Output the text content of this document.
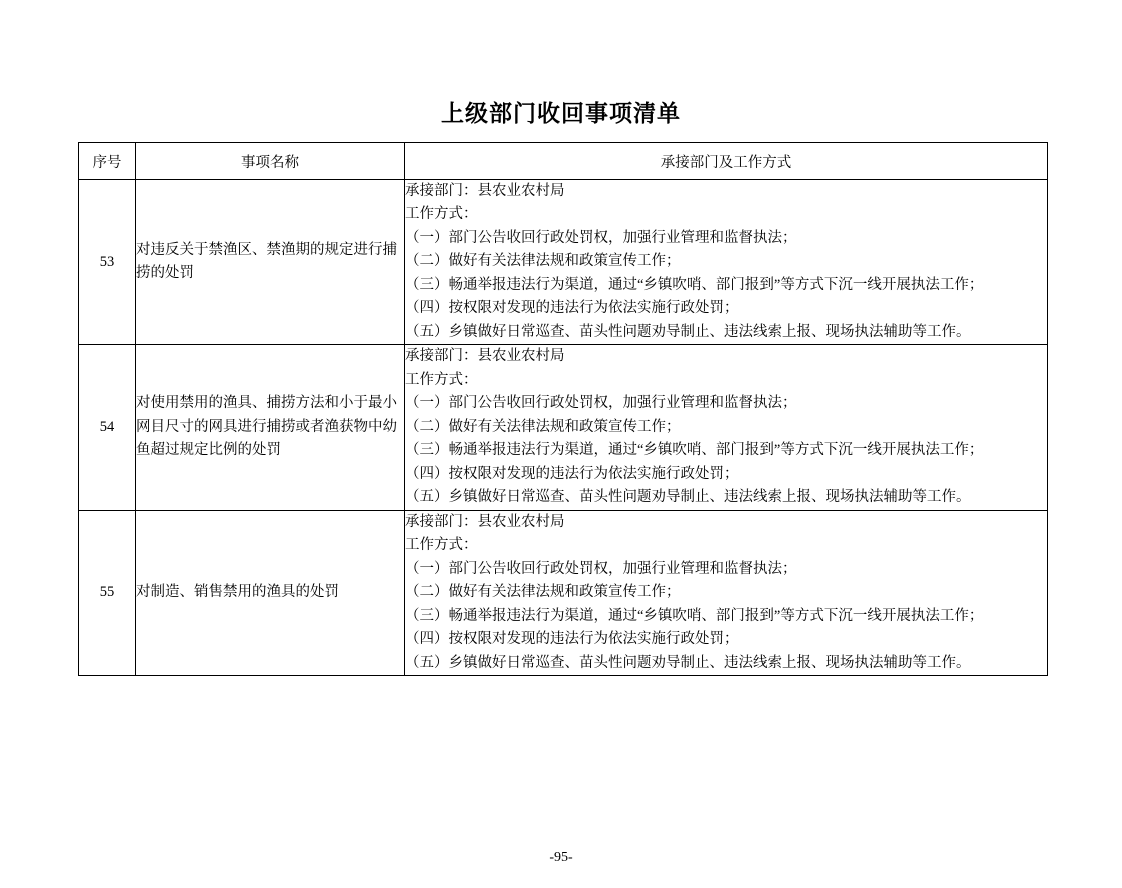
上级部门收回事项清单
序号	事项名称	承接部门及工作方式
53	对违反关于禁渔区、禁渔期的规定进行捕捞的处罚	
承接部门：县农业农村局
工作方式：
（一）部门公告收回行政处罚权，加强行业管理和监督执法；
（二）做好有关法律法规和政策宣传工作；
（三）畅通举报违法行为渠道，通过“乡镇吹哨、部门报到”等方式下沉一线开展执法工作；
（四）按权限对发现的违法行为依法实施行政处罚；
（五）乡镇做好日常巡查、苗头性问题劝导制止、违法线索上报、现场执法辅助等工作。

54	对使用禁用的渔具、捕捞方法和小于最小网目尺寸的网具进行捕捞或者渔获物中幼鱼超过规定比例的处罚	
承接部门：县农业农村局
工作方式：
（一）部门公告收回行政处罚权，加强行业管理和监督执法；
（二）做好有关法律法规和政策宣传工作；
（三）畅通举报违法行为渠道，通过“乡镇吹哨、部门报到”等方式下沉一线开展执法工作；
（四）按权限对发现的违法行为依法实施行政处罚；
（五）乡镇做好日常巡查、苗头性问题劝导制止、违法线索上报、现场执法辅助等工作。

55	对制造、销售禁用的渔具的处罚	
承接部门：县农业农村局
工作方式：
（一）部门公告收回行政处罚权，加强行业管理和监督执法；
（二）做好有关法律法规和政策宣传工作；
（三）畅通举报违法行为渠道，通过“乡镇吹哨、部门报到”等方式下沉一线开展执法工作；
（四）按权限对发现的违法行为依法实施行政处罚；
（五）乡镇做好日常巡查、苗头性问题劝导制止、违法线索上报、现场执法辅助等工作。
-95-
